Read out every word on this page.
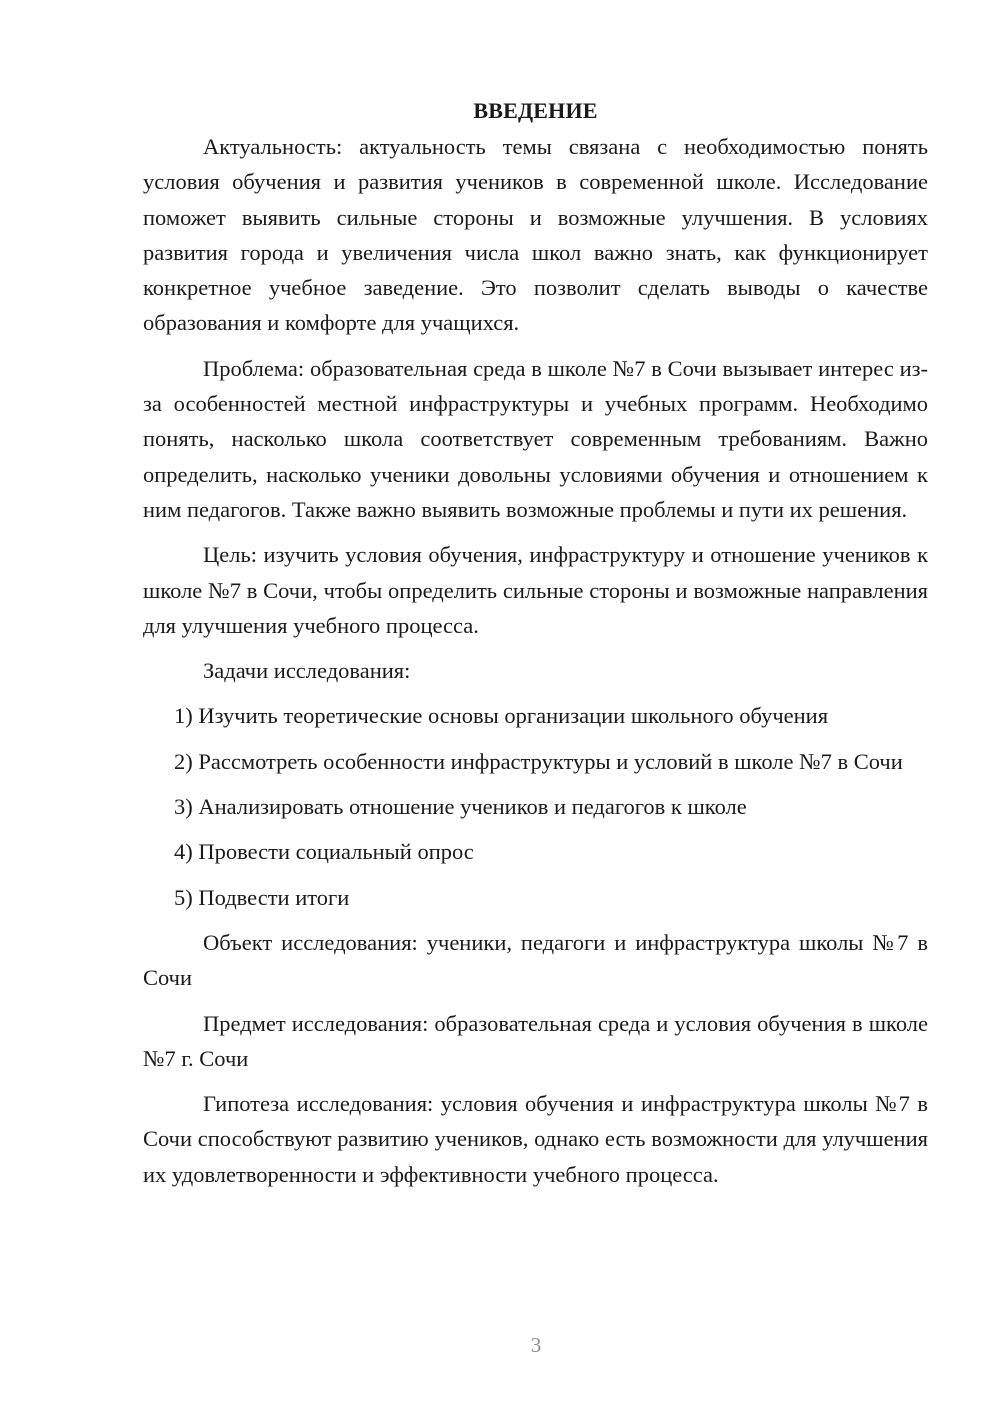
ВВЕДЕНИЕ

Актуальность: актуальность темы связана с необходимостью понять условия обучения и развития учеников в современной школе. Исследование поможет выявить сильные стороны и возможные улучшения. В условиях развития города и увеличения числа школ важно знать, как функционирует конкретное учебное заведение. Это позволит сделать выводы о качестве образования и комфорте для учащихся.

Проблема: образовательная среда в школе №7 в Сочи вызывает интерес из-за особенностей местной инфраструктуры и учебных программ. Необходимо понять, насколько школа соответствует современным требованиям. Важно определить, насколько ученики довольны условиями обучения и отношением к ним педагогов. Также важно выявить возможные проблемы и пути их решения.

Цель: изучить условия обучения, инфраструктуру и отношение учеников к школе №7 в Сочи, чтобы определить сильные стороны и возможные направления для улучшения учебного процесса.

Задачи исследования:

1) Изучить теоретические основы организации школьного обучения

2) Рассмотреть особенности инфраструктуры и условий в школе №7 в Сочи

3) Анализировать отношение учеников и педагогов к школе

4) Провести социальный опрос

5) Подвести итоги

Объект исследования: ученики, педагоги и инфраструктура школы №7 в Сочи

Предмет исследования: образовательная среда и условия обучения в школе №7 г. Сочи

Гипотеза исследования: условия обучения и инфраструктура школы №7 в Сочи способствуют развитию учеников, однако есть возможности для улучшения их удовлетворенности и эффективности учебного процесса.

3
